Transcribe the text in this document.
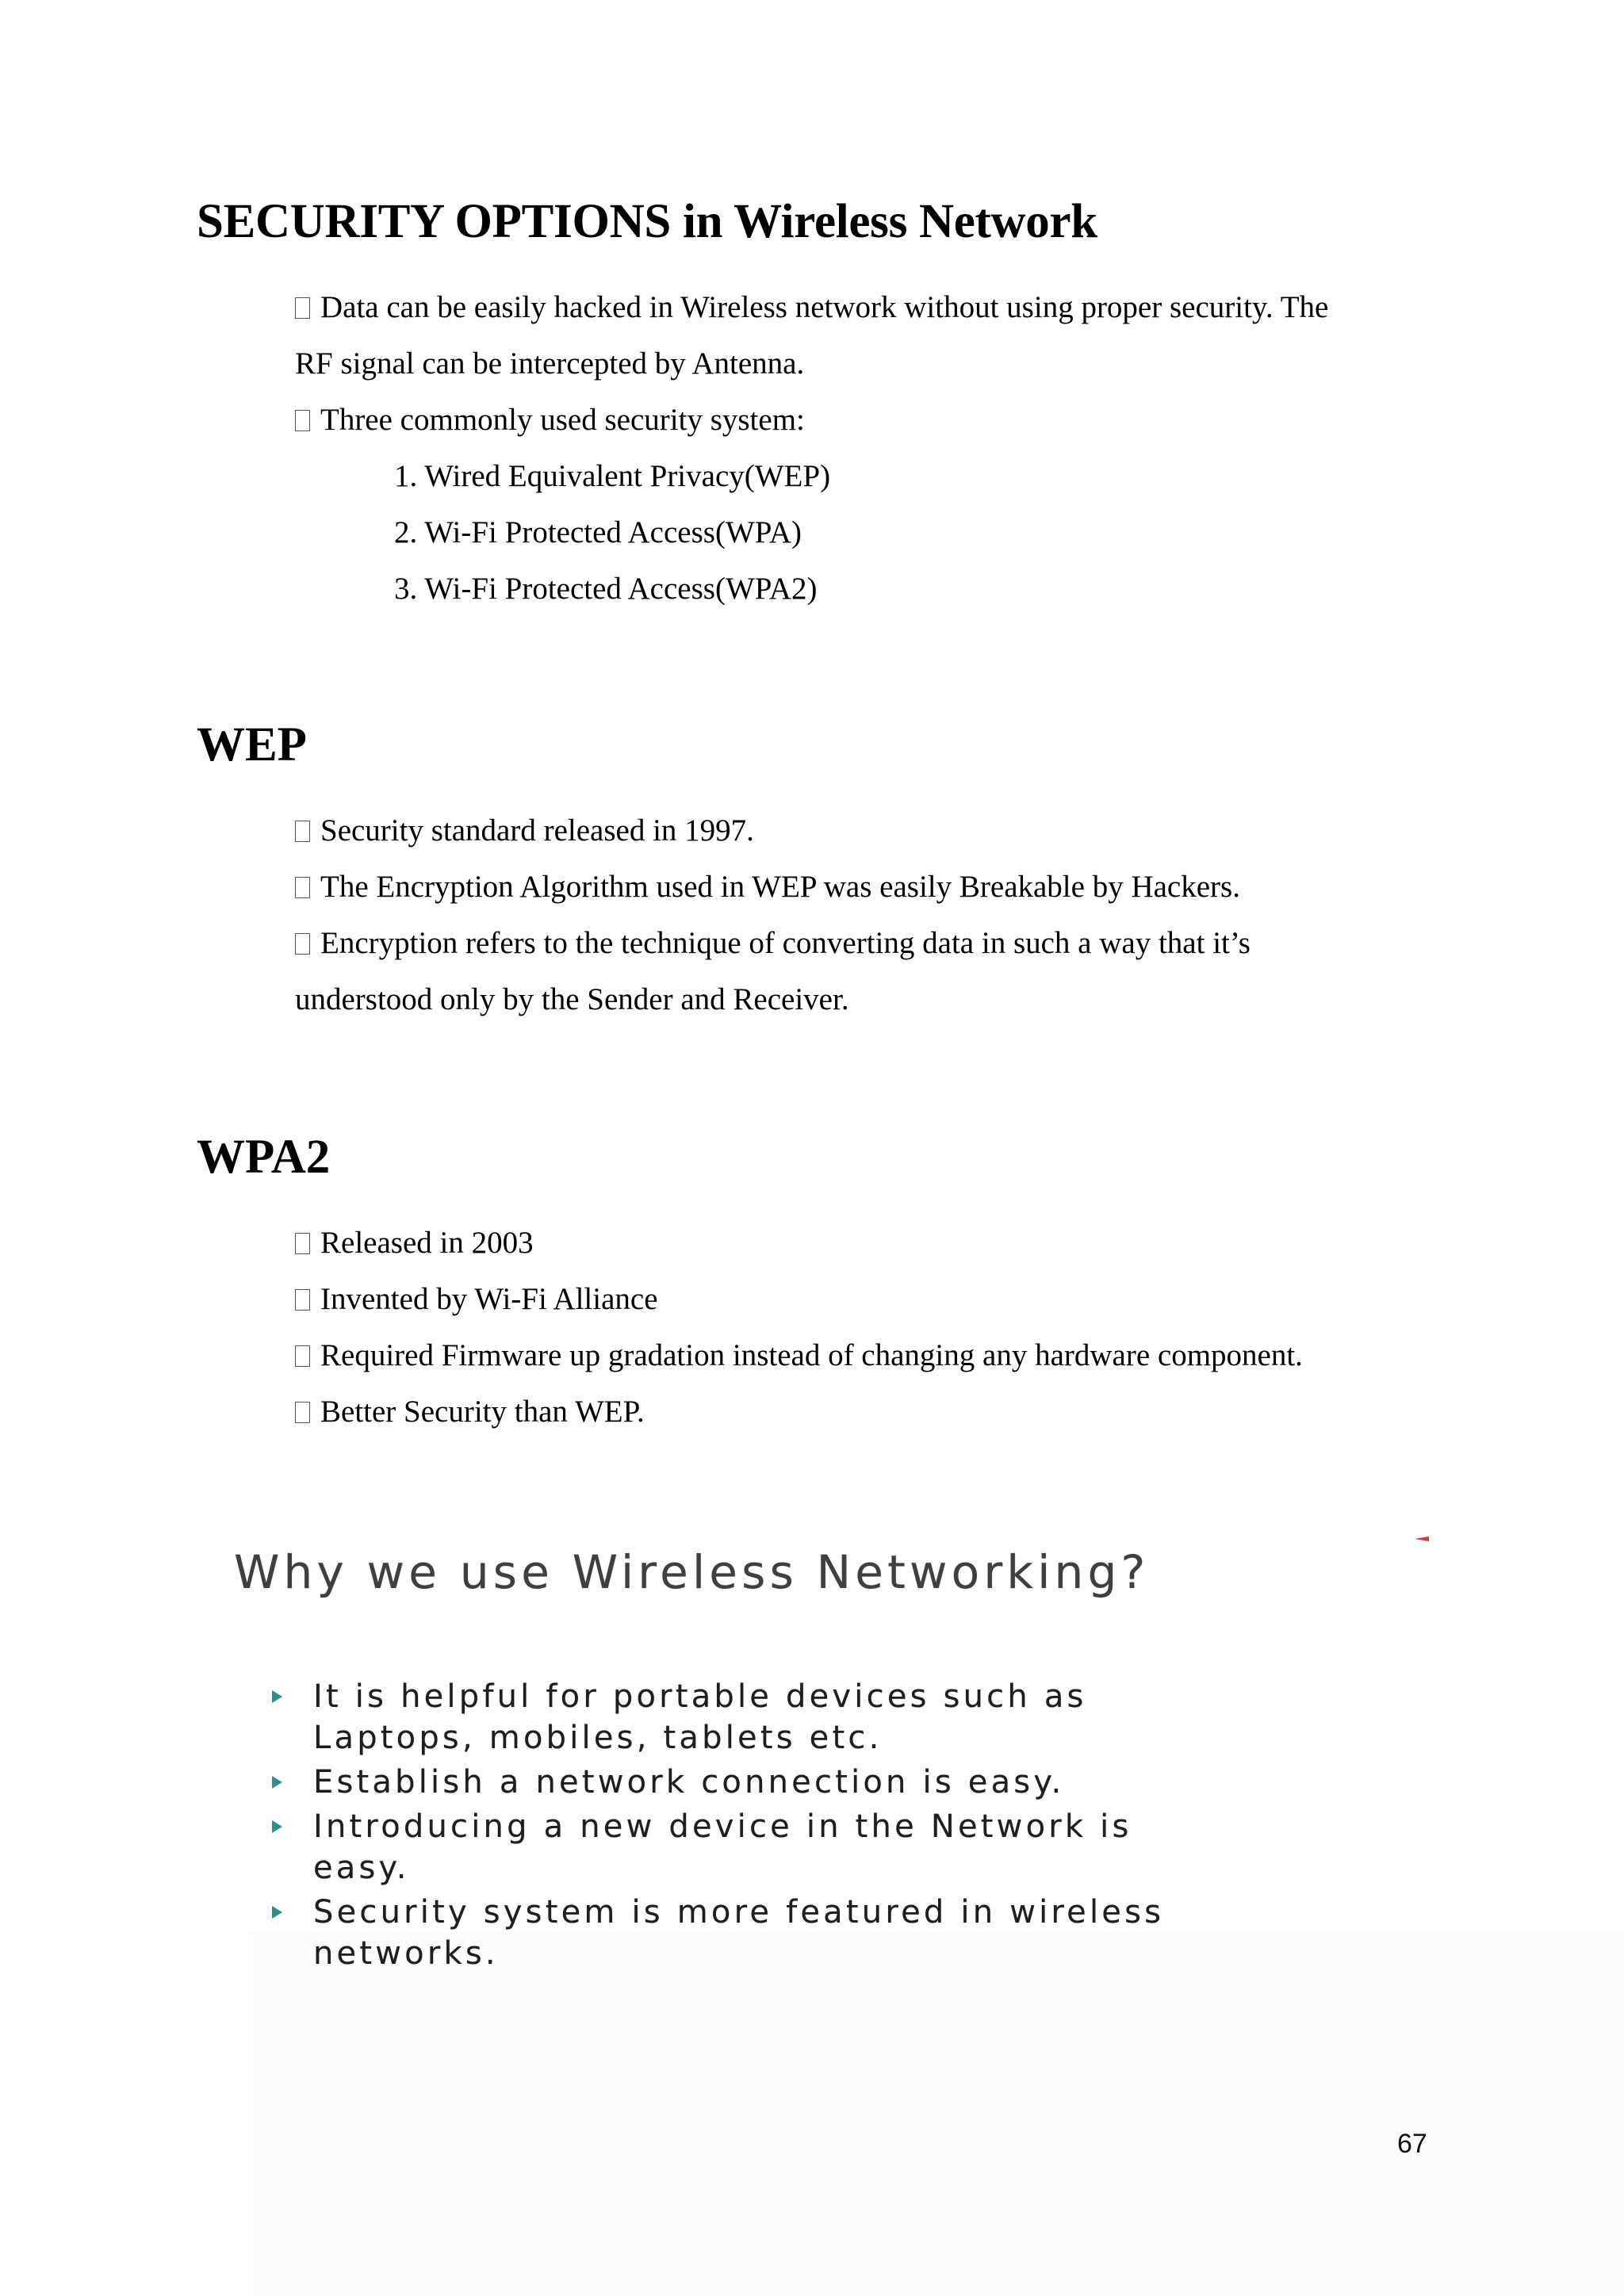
SECURITY OPTIONS in Wireless Network
Data can be easily hacked in Wireless network without using proper security. The
RF signal can be intercepted by Antenna.
Three commonly used security system:
1. Wired Equivalent Privacy(WEP)
2. Wi-Fi Protected Access(WPA)
3. Wi-Fi Protected Access(WPA2)
WEP
Security standard released in 1997.
The Encryption Algorithm used in WEP was easily Breakable by Hackers.
Encryption refers to the technique of converting data in such a way that it’s
understood only by the Sender and Receiver.
WPA2
Released in 2003
Invented by Wi-Fi Alliance
Required Firmware up gradation instead of changing any hardware component.
Better Security than WEP.
Why we use Wireless Networking?
It is helpful for portable devices such as
Laptops, mobiles, tablets etc.
Establish a network connection is easy.
Introducing a new device in the Network is
easy.
Security system is more featured in wireless
networks.
67
